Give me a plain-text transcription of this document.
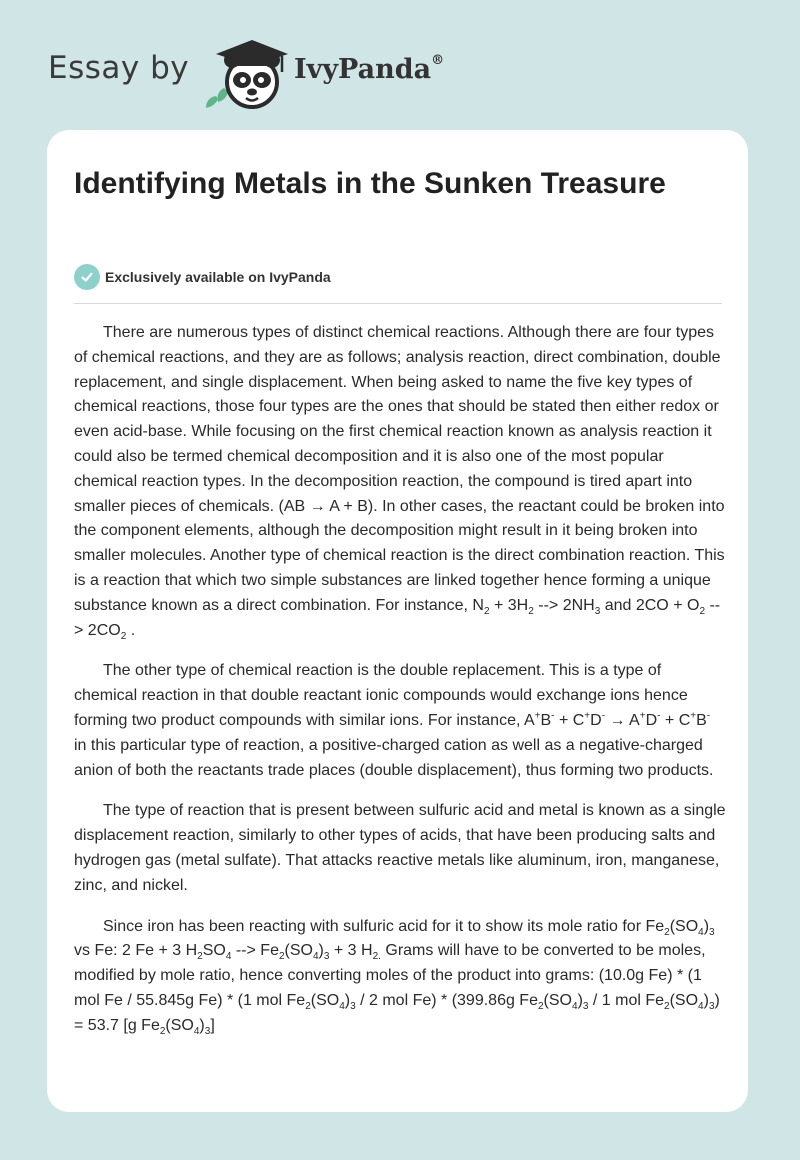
Essay by	IvyPanda®
Identifying Metals in the Sunken Treasure
Exclusively available on IvyPanda

There are numerous types of distinct chemical reactions. Although there are four types of chemical reactions, and they are as follows; analysis reaction, direct combination, double replacement, and single displacement. When being asked to name the five key types of chemical reactions, those four types are the ones that should be stated then either redox or even acid-base. While focusing on the first chemical reaction known as analysis reaction it could also be termed chemical decomposition and it is also one of the most popular chemical reaction types. In the decomposition reaction, the compound is tired apart into smaller pieces of chemicals. (AB → A + B). In other cases, the reactant could be broken into the component elements, although the decomposition might result in it being broken into smaller molecules. Another type of chemical reaction is the direct combination reaction. This is a reaction that which two simple substances are linked together hence forming a unique substance known as a direct combination. For instance, $N_2 + 3H_2$ --> $2NH_3$ and $2CO + O_2$ --> $2CO_2$ .

The other type of chemical reaction is the double replacement. This is a type of chemical reaction in that double reactant ionic compounds would exchange ions hence forming two product compounds with similar ions. For instance, A+B- + C+D- → A+D- + C+B- in this particular type of reaction, a positive-charged cation as well as a negative-charged anion of both the reactants trade places (double displacement), thus forming two products.

The type of reaction that is present between sulfuric acid and metal is known as a single displacement reaction, similarly to other types of acids, that have been producing salts and hydrogen gas (metal sulfate). That attacks reactive metals like aluminum, iron, manganese, zinc, and nickel.

Since iron has been reacting with sulfuric acid for it to show its mole ratio for $Fe_2(SO_4)_3$ vs Fe: 2 Fe + 3 $H_2SO_4$ --> $Fe_2(SO_4)_3 + 3$ $H_{2.}$ Grams will have to be converted to be moles, modified by mole ratio, hence converting moles of the product into grams: (10.0g Fe) * (1 mol Fe / 55.845g Fe) * (1 mol $Fe_2(SO_4)_3 / 2$ mol Fe) * (399.86g $Fe_2(SO_4)_3 / 1$ mol $Fe_2(SO_4)_3) = 53.7$ [g $Fe_2(SO_4)_3$]
